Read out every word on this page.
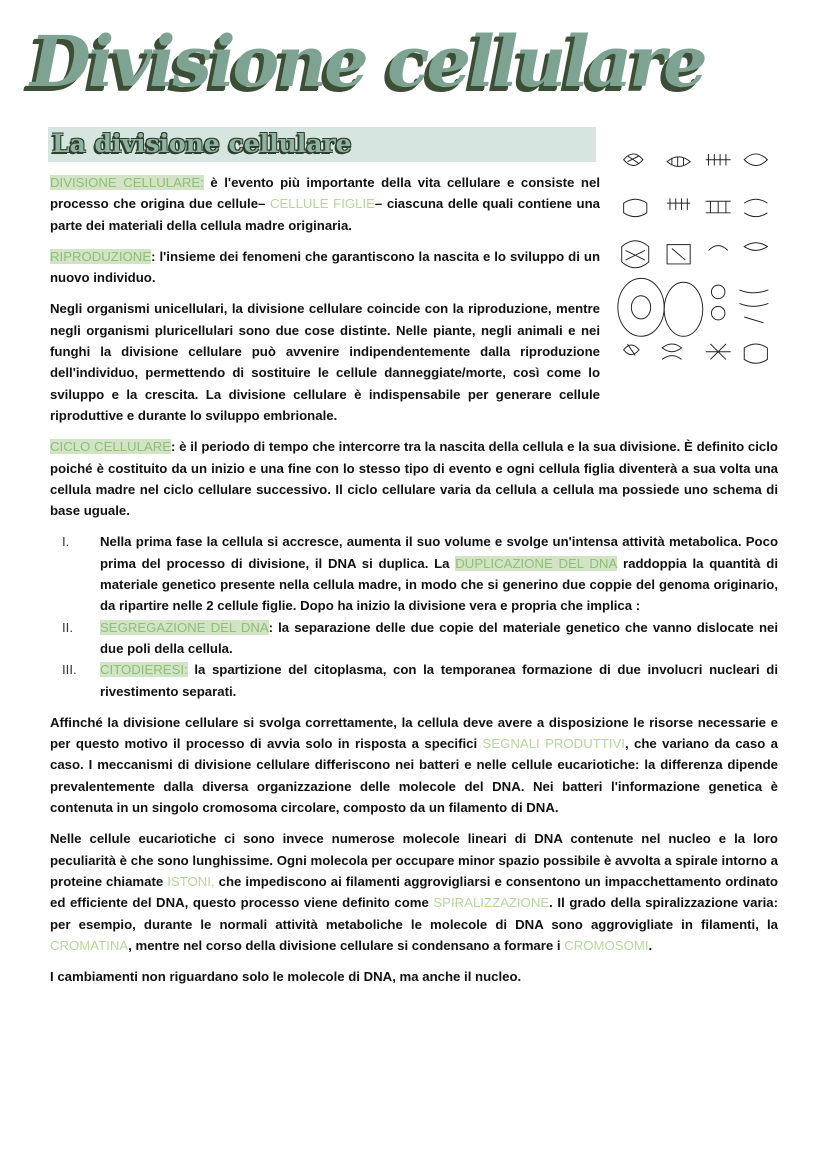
Divisione cellulare
La divisione cellulare

DIVISIONE CELLULARE: è l'evento più importante della vita cellulare e consiste nel processo che origina due cellule– CELLULE FIGLIE– ciascuna delle quali contiene una parte dei materiali della cellula madre originaria.

RIPRODUZIONE: l'insieme dei fenomeni che garantiscono la nascita e lo sviluppo di un nuovo individuo.

Negli organismi unicellulari, la divisione cellulare coincide con la riproduzione, mentre negli organismi pluricellulari sono due cose distinte. Nelle piante, negli animali e nei funghi la divisione cellulare può avvenire indipendentemente dalla riproduzione dell'individuo, permettendo di sostituire le cellule danneggiate/morte, così come lo sviluppo e la crescita. La divisione cellulare è indispensabile per generare cellule riproduttive e durante lo sviluppo embrionale.

CICLO CELLULARE: è il periodo di tempo che intercorre tra la nascita della cellula e la sua divisione. È definito ciclo poiché è costituito da un inizio e una fine con lo stesso tipo di evento e ogni cellula figlia diventerà a sua volta una cellula madre nel ciclo cellulare successivo. Il ciclo cellulare varia da cellula a cellula ma possiede uno schema di base uguale.

I. Nella prima fase la cellula si accresce, aumenta il suo volume e svolge un'intensa attività metabolica. Poco prima del processo di divisione, il DNA si duplica. La DUPLICAZIONE DEL DNA raddoppia la quantità di materiale genetico presente nella cellula madre, in modo che si generino due coppie del genoma originario, da ripartire nelle 2 cellule figlie. Dopo ha inizio la divisione vera e propria che implica :
II. SEGREGAZIONE DEL DNA: la separazione delle due copie del materiale genetico che vanno dislocate nei due poli della cellula.
III. CITODIERESI: la spartizione del citoplasma, con la temporanea formazione di due involucri nucleari di rivestimento separati.

Affinché la divisione cellulare si svolga correttamente, la cellula deve avere a disposizione le risorse necessarie e per questo motivo il processo di avvia solo in risposta a specifici SEGNALI PRODUTTIVI, che variano da caso a caso. I meccanismi di divisione cellulare differiscono nei batteri e nelle cellule eucariotiche: la differenza dipende prevalentemente dalla diversa organizzazione delle molecole del DNA. Nei batteri l'informazione genetica è contenuta in un singolo cromosoma circolare, composto da un filamento di DNA.

Nelle cellule eucariotiche ci sono invece numerose molecole lineari di DNA contenute nel nucleo e la loro peculiarità è che sono lunghissime. Ogni molecola per occupare minor spazio possibile è avvolta a spirale intorno a proteine chiamate ISTONI, che impediscono ai filamenti aggrovigliarsi e consentono un impacchettamento ordinato ed efficiente del DNA, questo processo viene definito come SPIRALIZZAZIONE. Il grado della spiralizzazione varia: per esempio, durante le normali attività metaboliche le molecole di DNA sono aggrovigliate in filamenti, la CROMATINA, mentre nel corso della divisione cellulare si condensano a formare i CROMOSOMI.

I cambiamenti non riguardano solo le molecole di DNA, ma anche il nucleo.
